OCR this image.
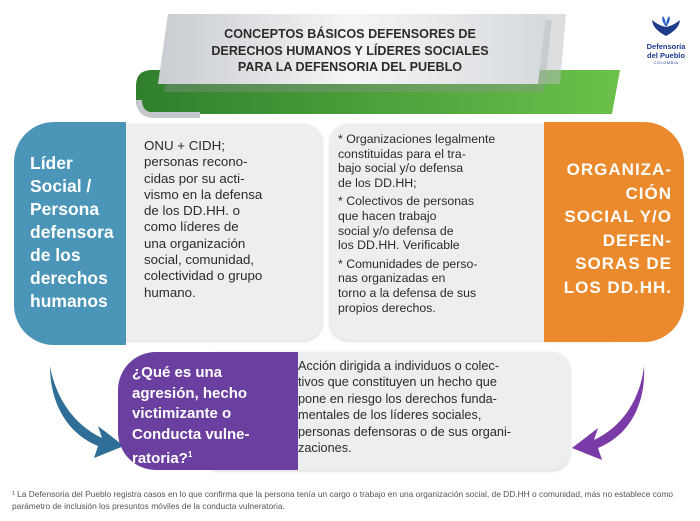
CONCEPTOS BÁSICOS DEFENSORES DE
DERECHOS HUMANOS Y LÍDERES SOCIALES
PARA LA DEFENSORIA DEL PUEBLO
Defensoría
del Pueblo
COLOMBIA
Líder
Social /
Persona
defensora
de los
derechos
humanos
ONU + CIDH;
personas recono-
cidas por su acti-
vismo en la defensa
de los DD.HH. o
como líderes de
una organización
social, comunidad,
colectividad o grupo
humano.
* Organizaciones legalmente
constituidas para el tra-
bajo social y/o defensa
de los DD.HH;
* Colectivos de personas
que hacen trabajo
social y/o defensa de
los DD.HH. Verificable
* Comunidades de perso-
nas organizadas en
torno a la defensa de sus
propios derechos.
ORGANIZA-
CIÓN
SOCIAL Y/O
DEFEN-
SORAS DE
LOS DD.HH.
¿Qué es una
agresión, hecho
victimizante o
Conducta vulne-
ratoria?$^1$
Acción dirigida a individuos o colec-
tivos que constituyen un hecho que
pone en riesgo los derechos funda-
mentales de los líderes sociales,
personas defensoras o de sus organi-
zaciones.
¹ La Defensoria del Pueblo registra casos en lo que confirma que la persona tenía un cargo o trabajo en una organización social, de DD.HH o comunidad, más no establece como parámetro de inclusión los presuntos móviles de la conducta vulneratoria.
